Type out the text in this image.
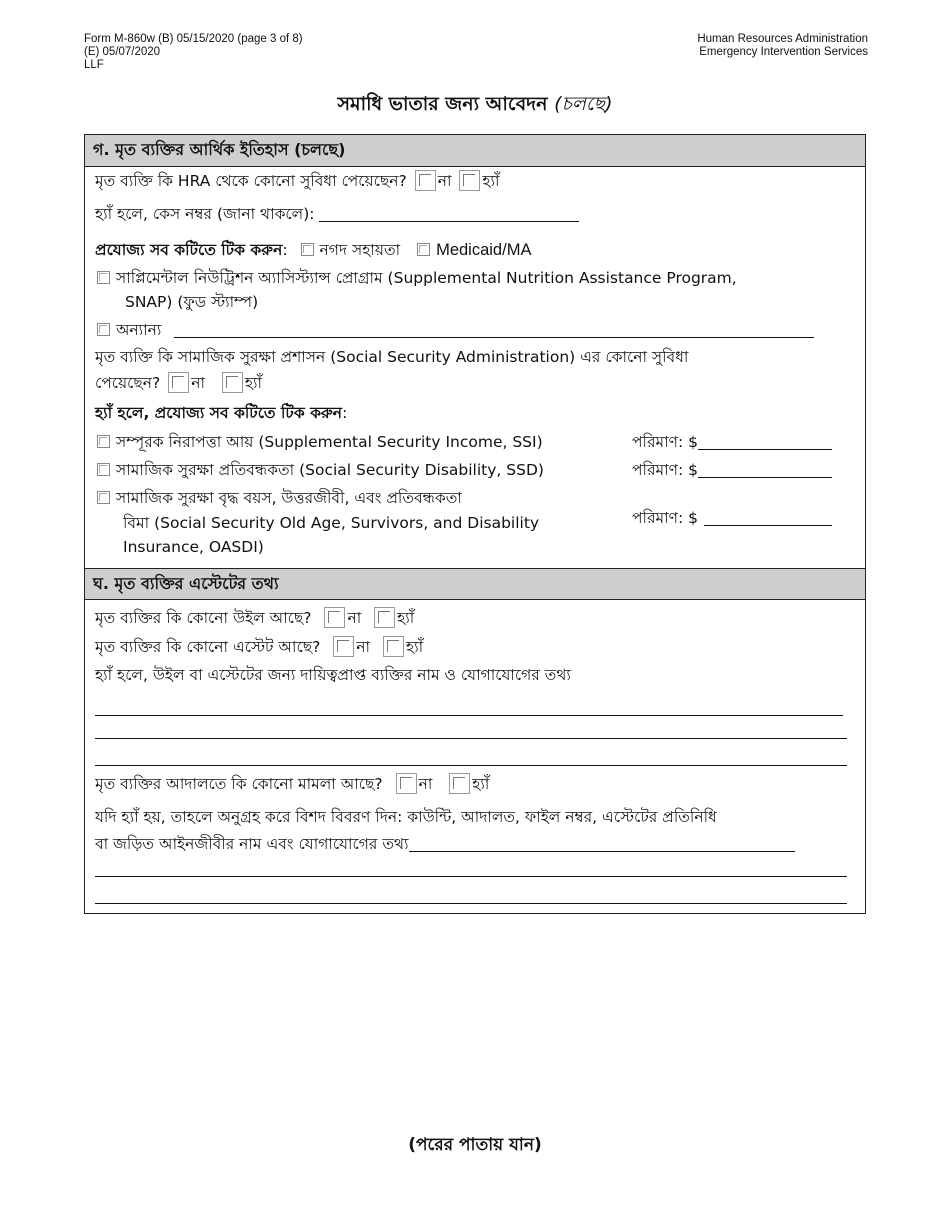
Form M-860w (B) 05/15/2020 (page 3 of 8)
(E) 05/07/2020
LLF
Human Resources Administration
Emergency Intervention Services
সমাধি ভাতার জন্য আবেদন (চলছে)
গ. মৃত ব্যক্তির আর্থিক ইতিহাস (চলছে)
মৃত ব্যক্তি কি HRA থেকে কোনো সুবিধা পেয়েছেন? না হ্যাঁ
হ্যাঁ হলে, কেস নম্বর (জানা থাকলে):
প্রযোজ্য সব কটিতে টিক করুন: নগদ সহায়তা Medicaid/MA
সাপ্লিমেন্টাল নিউট্রিশন অ্যাসিস্ট্যান্স প্রোগ্রাম (Supplemental Nutrition Assistance Program,
SNAP) (ফুড স্ট্যাম্প)
অন্যান্য
মৃত ব্যক্তি কি সামাজিক সুরক্ষা প্রশাসন (Social Security Administration) এর কোনো সুবিধা
পেয়েছেন? না	হ্যাঁ
হ্যাঁ হলে, প্রযোজ্য সব কটিতে টিক করুন:
সম্পূরক নিরাপত্তা আয় (Supplemental Security Income, SSI)	পরিমাণ: $
সামাজিক সুরক্ষা প্রতিবন্ধকতা (Social Security Disability, SSD)	পরিমাণ: $
সামাজিক সুরক্ষা বৃদ্ধ বয়স, উত্তরজীবী, এবং প্রতিবন্ধকতা
বিমা (Social Security Old Age, Survivors, and Disability
Insurance, OASDI)
পরিমাণ: $
ঘ. মৃত ব্যক্তির এস্টেটের তথ্য
মৃত ব্যক্তির কি কোনো উইল আছে? না হ্যাঁ
মৃত ব্যক্তির কি কোনো এস্টেট আছে? না হ্যাঁ
হ্যাঁ হলে, উইল বা এস্টেটের জন্য দায়িত্বপ্রাপ্ত ব্যক্তির নাম ও যোগাযোগের তথ্য
মৃত ব্যক্তির আদালতে কি কোনো মামলা আছে? না	হ্যাঁ
যদি হ্যাঁ হয়, তাহলে অনুগ্রহ করে বিশদ বিবরণ দিন: কাউন্টি, আদালত, ফাইল নম্বর, এস্টেটের প্রতিনিধি
বা জড়িত আইনজীবীর নাম এবং যোগাযোগের তথ্য
(পরের পাতায় যান)
